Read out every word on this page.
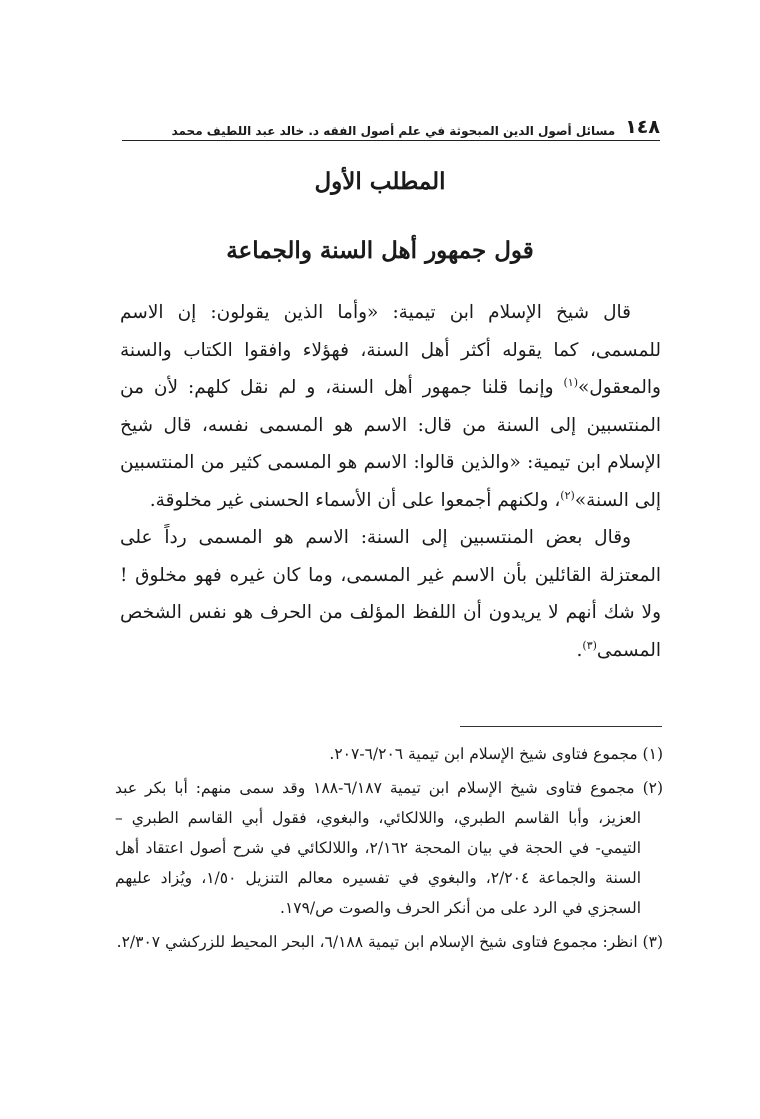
١٤٨
مسائل أصول الدين المبحوثة في علم أصول الفقه د. خالد عبد اللطيف محمد
المطلب الأول
قول جمهور أهل السنة والجماعة

قال شيخ الإسلام ابن تيمية: «وأما الذين يقولون: إن الاسم للمسمى، كما يقوله أكثر أهل السنة، فهؤلاء وافقوا الكتاب والسنة والمعقول»$^{(١)}$ وإنما قلنا جمهور أهل السنة، و لم نقل كلهم: لأن من المنتسبين إلى السنة من قال: الاسم هو المسمى نفسه، قال شيخ الإسلام ابن تيمية: «والذين قالوا: الاسم هو المسمى كثير من المنتسبين إلى السنة»$^{(٢)}$، ولكنهم أجمعوا على أن الأسماء الحسنى غير مخلوقة.

وقال بعض المنتسبين إلى السنة: الاسم هو المسمى رداً على المعتزلة القائلين بأن الاسم غير المسمى، وما كان غيره فهو مخلوق ! ولا شك أنهم لا يريدون أن اللفظ المؤلف من الحرف هو نفس الشخص المسمى$^{(٣)}$.

(١) مجموع فتاوى شيخ الإسلام ابن تيمية ٦/٢٠٦-٢٠٧.

(٢) مجموع فتاوى شيخ الإسلام ابن تيمية ٦/١٨٧-١٨٨ وقد سمى منهم: أبا بكر عبد العزيز، وأبا القاسم الطبري، واللالكائي، والبغوي، فقول أبي القاسم الطبري – التيمي- في الحجة في بيان المحجة ٢/١٦٢، واللالكائي في شرح أصول اعتقاد أهل السنة والجماعة ٢/٢٠٤، والبغوي في تفسيره معالم التنزيل ١/٥٠، ويُزاد عليهم السجزي في الرد على من أنكر الحرف والصوت ص/١٧٩.

(٣) انظر: مجموع فتاوى شيخ الإسلام ابن تيمية ٦/١٨٨، البحر المحيط للزركشي ٢/٣٠٧.
